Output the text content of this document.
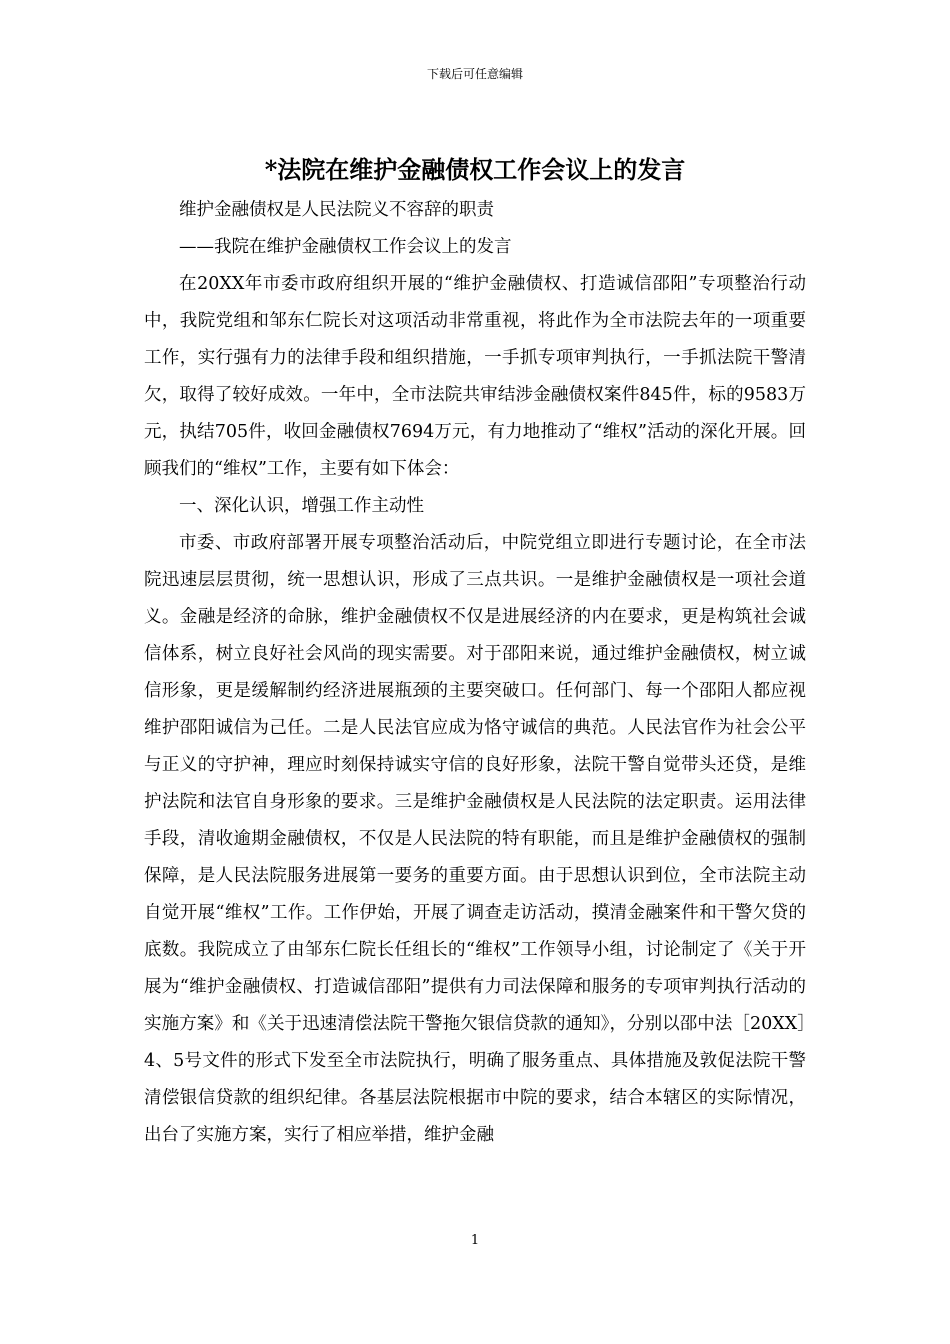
下载后可任意编辑
*法院在维护金融债权工作会议上的发言

维护金融债权是人民法院义不容辞的职责

——我院在维护金融债权工作会议上的发言

在20XX年市委市政府组织开展的“维护金融债权、打造诚信邵阳”专项整治行动中，我院党组和邹东仁院长对这项活动非常重视，将此作为全市法院去年的一项重要工作，实行强有力的法律手段和组织措施，一手抓专项审判执行，一手抓法院干警清欠，取得了较好成效。一年中，全市法院共审结涉金融债权案件845件，标的9583万元，执结705件，收回金融债权7694万元，有力地推动了“维权”活动的深化开展。回顾我们的“维权”工作，主要有如下体会：

一、深化认识，增强工作主动性

市委、市政府部署开展专项整治活动后，中院党组立即进行专题讨论，在全市法院迅速层层贯彻，统一思想认识，形成了三点共识。一是维护金融债权是一项社会道义。金融是经济的命脉，维护金融债权不仅是进展经济的内在要求，更是构筑社会诚信体系，树立良好社会风尚的现实需要。对于邵阳来说，通过维护金融债权，树立诚信形象，更是缓解制约经济进展瓶颈的主要突破口。任何部门、每一个邵阳人都应视维护邵阳诚信为己任。二是人民法官应成为恪守诚信的典范。人民法官作为社会公平与正义的守护神，理应时刻保持诚实守信的良好形象，法院干警自觉带头还贷，是维护法院和法官自身形象的要求。三是维护金融债权是人民法院的法定职责。运用法律手段，清收逾期金融债权，不仅是人民法院的特有职能，而且是维护金融债权的强制保障，是人民法院服务进展第一要务的重要方面。由于思想认识到位，全市法院主动自觉开展“维权”工作。工作伊始，开展了调查走访活动，摸清金融案件和干警欠贷的底数。我院成立了由邹东仁院长任组长的“维权”工作领导小组，讨论制定了《关于开展为“维护金融债权、打造诚信邵阳”提供有力司法保障和服务的专项审判执行活动的实施方案》和《关于迅速清偿法院干警拖欠银信贷款的通知》，分别以邵中法［20XX］4、5号文件的形式下发至全市法院执行，明确了服务重点、具体措施及敦促法院干警清偿银信贷款的组织纪律。各基层法院根据市中院的要求，结合本辖区的实际情况，出台了实施方案，实行了相应举措，维护金融

1
